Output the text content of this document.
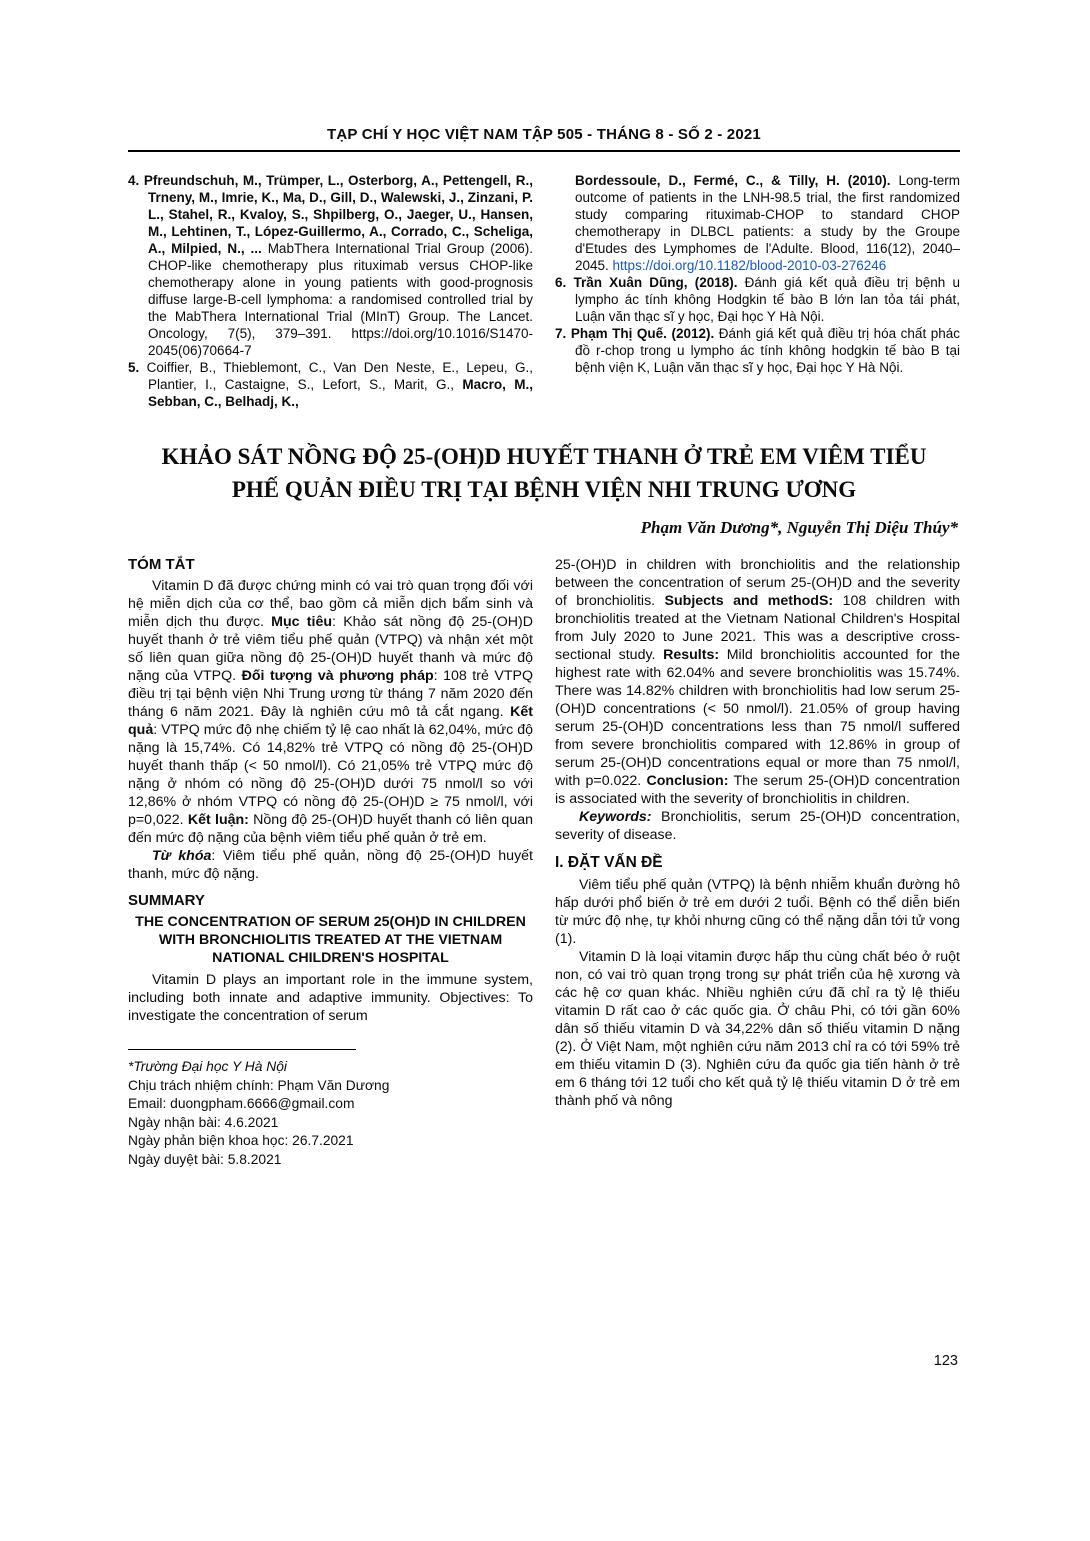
TẠP CHÍ Y HỌC VIỆT NAM TẬP 505 - THÁNG 8 - SỐ 2 - 2021

4. Pfreundschuh, M., Trümper, L., Osterborg, A., Pettengell, R., Trneny, M., Imrie, K., Ma, D., Gill, D., Walewski, J., Zinzani, P. L., Stahel, R., Kvaloy, S., Shpilberg, O., Jaeger, U., Hansen, M., Lehtinen, T., López-Guillermo, A., Corrado, C., Scheliga, A., Milpied, N., ... MabThera International Trial Group (2006). CHOP-like chemotherapy plus rituximab versus CHOP-like chemotherapy alone in young patients with good-prognosis diffuse large-B-cell lymphoma: a randomised controlled trial by the MabThera International Trial (MInT) Group. The Lancet. Oncology, 7(5), 379–391. https://doi.org/10.1016/S1470-2045(06)70664-7

5. Coiffier, B., Thieblemont, C., Van Den Neste, E., Lepeu, G., Plantier, I., Castaigne, S., Lefort, S., Marit, G., Macro, M., Sebban, C., Belhadj, K.,

Bordessoule, D., Fermé, C., & Tilly, H. (2010). Long-term outcome of patients in the LNH-98.5 trial, the first randomized study comparing rituximab-CHOP to standard CHOP chemotherapy in DLBCL patients: a study by the Groupe d'Etudes des Lymphomes de l'Adulte. Blood, 116(12), 2040–2045. https://doi.org/10.1182/blood-2010-03-276246

6. Trần Xuân Dũng, (2018). Đánh giá kết quả điều trị bệnh u lympho ác tính không Hodgkin tế bào B lớn lan tỏa tái phát, Luận văn thạc sĩ y học, Đại học Y Hà Nội.

7. Phạm Thị Quế. (2012). Đánh giá kết quả điều trị hóa chất phác đồ r-chop trong u lympho ác tính không hodgkin tế bào B tại bệnh viện K, Luận văn thạc sĩ y học, Đại học Y Hà Nội.

KHẢO SÁT NỒNG ĐỘ 25-(OH)D HUYẾT THANH Ở TRẺ EM VIÊM TIỂU PHẾ QUẢN ĐIỀU TRỊ TẠI BỆNH VIỆN NHI TRUNG ƯƠNG
Phạm Văn Dương*, Nguyễn Thị Diệu Thúy*
TÓM TẮT

Vitamin D đã được chứng minh có vai trò quan trọng đối với hệ miễn dịch của cơ thể, bao gồm cả miễn dịch bẩm sinh và miễn dịch thu được. Mục tiêu: Khảo sát nồng độ 25-(OH)D huyết thanh ở trẻ viêm tiểu phế quản (VTPQ) và nhận xét một số liên quan giữa nồng độ 25-(OH)D huyết thanh và mức độ nặng của VTPQ. Đối tượng và phương pháp: 108 trẻ VTPQ điều trị tại bệnh viện Nhi Trung ương từ tháng 7 năm 2020 đến tháng 6 năm 2021. Đây là nghiên cứu mô tả cắt ngang. Kết quả: VTPQ mức độ nhẹ chiếm tỷ lệ cao nhất là 62,04%, mức độ nặng là 15,74%. Có 14,82% trẻ VTPQ có nồng độ 25-(OH)D huyết thanh thấp (< 50 nmol/l). Có 21,05% trẻ VTPQ mức độ nặng ở nhóm có nồng độ 25-(OH)D dưới 75 nmol/l so với 12,86% ở nhóm VTPQ có nồng độ 25-(OH)D ≥ 75 nmol/l, với p=0,022. Kết luận: Nồng độ 25-(OH)D huyết thanh có liên quan đến mức độ nặng của bệnh viêm tiểu phế quản ở trẻ em.

Từ khóa: Viêm tiểu phế quản, nồng độ 25-(OH)D huyết thanh, mức độ nặng.

SUMMARY
THE CONCENTRATION OF SERUM 25(OH)D IN CHILDREN WITH BRONCHIOLITIS TREATED AT THE VIETNAM NATIONAL CHILDREN'S HOSPITAL

Vitamin D plays an important role in the immune system, including both innate and adaptive immunity. Objectives: To investigate the concentration of serum

*Trường Đại học Y Hà Nội

Chịu trách nhiệm chính: Phạm Văn Dương

Email: duongpham.6666@gmail.com

Ngày nhận bài: 4.6.2021

Ngày phản biện khoa học: 26.7.2021

Ngày duyệt bài: 5.8.2021

25-(OH)D in children with bronchiolitis and the relationship between the concentration of serum 25-(OH)D and the severity of bronchiolitis. Subjects and methodS: 108 children with bronchiolitis treated at the Vietnam National Children's Hospital from July 2020 to June 2021. This was a descriptive cross-sectional study. Results: Mild bronchiolitis accounted for the highest rate with 62.04% and severe bronchiolitis was 15.74%. There was 14.82% children with bronchiolitis had low serum 25-(OH)D concentrations (< 50 nmol/l). 21.05% of group having serum 25-(OH)D concentrations less than 75 nmol/l suffered from severe bronchiolitis compared with 12.86% in group of serum 25-(OH)D concentrations equal or more than 75 nmol/l, with p=0.022. Conclusion: The serum 25-(OH)D concentration is associated with the severity of bronchiolitis in children.

Keywords: Bronchiolitis, serum 25-(OH)D concentration, severity of disease.

I. ĐẶT VẤN ĐỀ

Viêm tiểu phế quản (VTPQ) là bệnh nhiễm khuẩn đường hô hấp dưới phổ biến ở trẻ em dưới 2 tuổi. Bệnh có thể diễn biến từ mức độ nhẹ, tự khỏi nhưng cũng có thể nặng dẫn tới tử vong (1).

Vitamin D là loại vitamin được hấp thu cùng chất béo ở ruột non, có vai trò quan trọng trong sự phát triển của hệ xương và các hệ cơ quan khác. Nhiều nghiên cứu đã chỉ ra tỷ lệ thiếu vitamin D rất cao ở các quốc gia. Ở châu Phi, có tới gần 60% dân số thiếu vitamin D và 34,22% dân số thiếu vitamin D nặng (2). Ở Việt Nam, một nghiên cứu năm 2013 chỉ ra có tới 59% trẻ em thiếu vitamin D (3). Nghiên cứu đa quốc gia tiến hành ở trẻ em 6 tháng tới 12 tuổi cho kết quả tỷ lệ thiếu vitamin D ở trẻ em thành phố và nông

123
